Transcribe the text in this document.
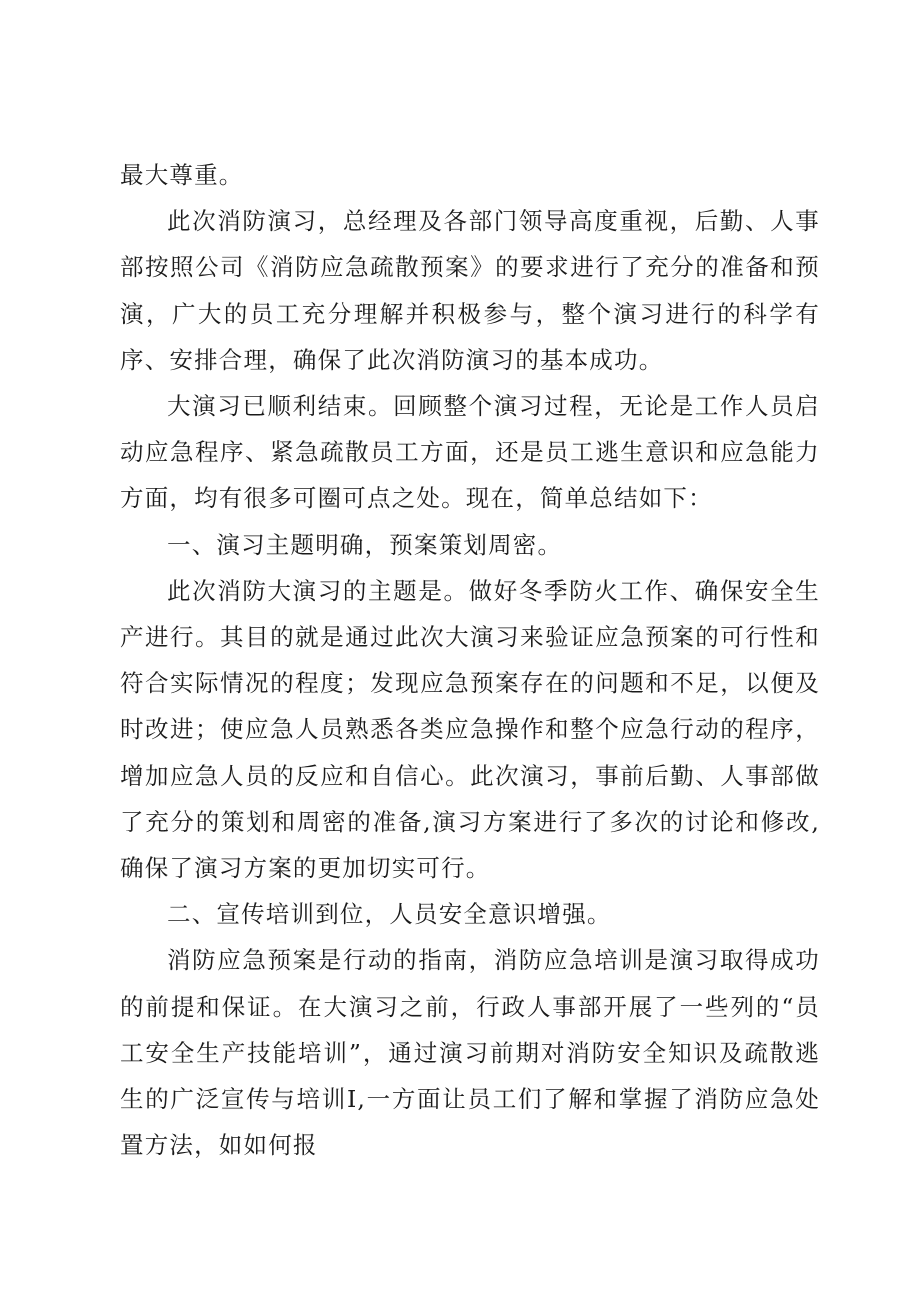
最大尊重。

此次消防演习，总经理及各部门领导高度重视，后勤、人事部按照公司《消防应急疏散预案》的要求进行了充分的准备和预演，广大的员工充分理解并积极参与，整个演习进行的科学有序、安排合理，确保了此次消防演习的基本成功。

大演习已顺利结束。回顾整个演习过程，无论是工作人员启动应急程序、紧急疏散员工方面，还是员工逃生意识和应急能力方面，均有很多可圈可点之处。现在，简单总结如下：

一、演习主题明确，预案策划周密。

此次消防大演习的主题是。做好冬季防火工作、确保安全生产进行。其目的就是通过此次大演习来验证应急预案的可行性和符合实际情况的程度；发现应急预案存在的问题和不足，以便及时改进；使应急人员熟悉各类应急操作和整个应急行动的程序，增加应急人员的反应和自信心。此次演习，事前后勤、人事部做了充分的策划和周密的准备,演习方案进行了多次的讨论和修改,确保了演习方案的更加切实可行。

二、宣传培训到位，人员安全意识增强。

消防应急预案是行动的指南，消防应急培训是演习取得成功的前提和保证。在大演习之前，行政人事部开展了一些列的“员工安全生产技能培训”，通过演习前期对消防安全知识及疏散逃生的广泛宣传与培训I,一方面让员工们了解和掌握了消防应急处置方法，如如何报
